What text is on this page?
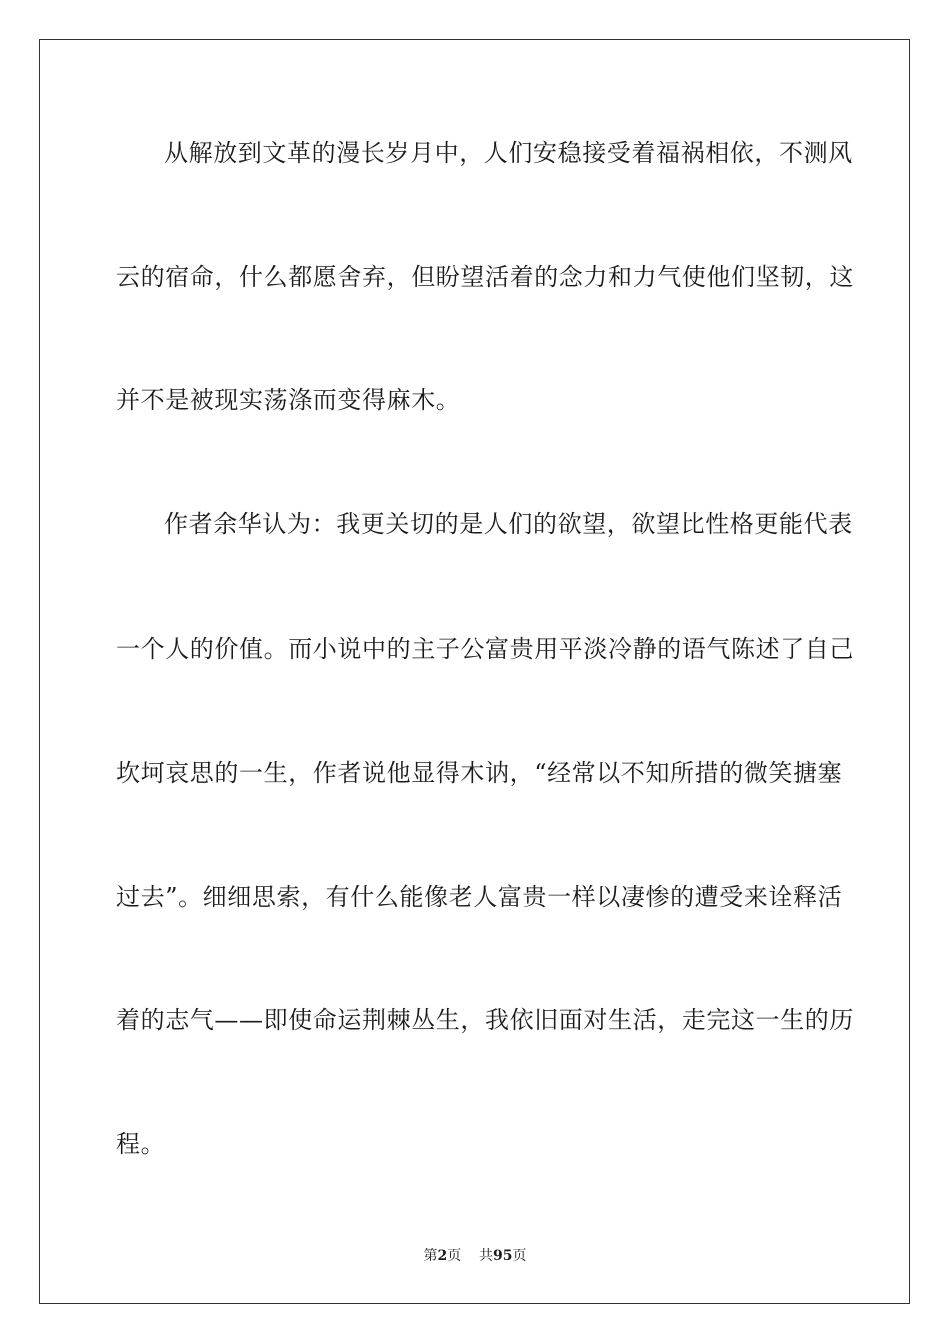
从解放到文革的漫长岁月中，人们安稳接受着福祸相依，不测风
云的宿命，什么都愿舍弃，但盼望活着的念力和力气使他们坚韧，这
并不是被现实荡涤而变得麻木。
作者余华认为：我更关切的是人们的欲望，欲望比性格更能代表
一个人的价值。而小说中的主子公富贵用平淡冷静的语气陈述了自己
坎坷哀思的一生，作者说他显得木讷，“经常以不知所措的微笑搪塞
过去”。细细思索，有什么能像老人富贵一样以凄惨的遭受来诠释活
着的志气——即使命运荆棘丛生，我依旧面对生活，走完这一生的历
程。
第2页 共95页
